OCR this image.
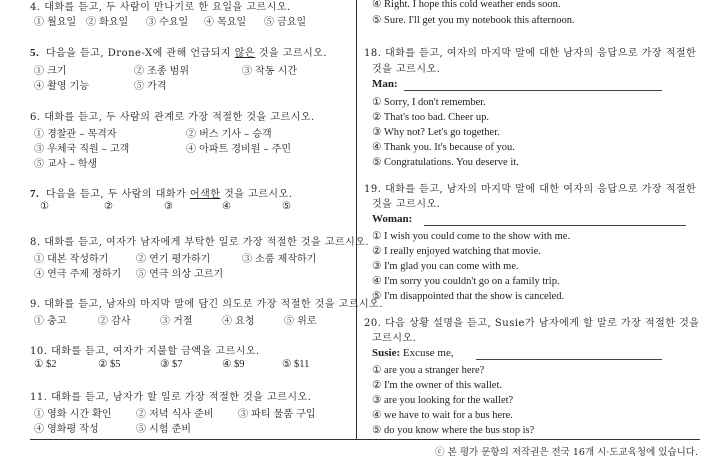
4. 대화를 듣고, 두 사람이 만나기로 한 요일을 고르시오.
① 월요일 ② 화요일 ③ 수요일 ④ 목요일 ⑤ 금요일
5. 다음을 듣고, Drone-X에 관해 언급되지 않은 것을 고르시오.
① 크기	② 조종 범위	③ 작동 시간
④ 촬영 기능	⑤ 가격
6. 대화를 듣고, 두 사람의 관계로 가장 적절한 것을 고르시오.
① 경찰관 – 목격자	② 버스 기사 – 승객
③ 우체국 직원 – 고객	④ 아파트 경비원 – 주민
⑤ 교사 – 학생
7. 다음을 듣고, 두 사람의 대화가 어색한 것을 고르시오.
①	②	③	④	⑤
8. 대화를 듣고, 여자가 남자에게 부탁한 일로 가장 적절한 것을 고르시오.
① 대본 작성하기	② 연기 평가하기	③ 소품 제작하기
④ 연극 주제 정하기 ⑤ 연극 의상 고르기
9. 대화를 듣고, 남자의 마지막 말에 담긴 의도로 가장 적절한 것을 고르시오.
① 충고	② 감사	③ 거절	④ 요청	⑤ 위로
10. 대화를 듣고, 여자가 지불할 금액을 고르시오.
① $2	② $5	③ $7	④ $9	⑤ $11
11. 대화를 듣고, 남자가 할 일로 가장 적절한 것을 고르시오.
① 영화 시간 확인 ② 저녁 식사 준비 ③ 파티 물품 구입
④ 영화평 작성	⑤ 시험 준비
④ Right. I hope this cold weather ends soon.
⑤ Sure. I'll get you my notebook this afternoon.
18. 대화를 듣고, 여자의 마지막 말에 대한 남자의 응답으로 가장 적절한
것을 고르시오.
Man:
① Sorry, I don't remember.
② That's too bad. Cheer up.
③ Why not? Let's go together.
④ Thank you. It's because of you.
⑤ Congratulations. You deserve it.
19. 대화를 듣고, 남자의 마지막 말에 대한 여자의 응답으로 가장 적절한
것을 고르시오.
Woman:
① I wish you could come to the show with me.
② I really enjoyed watching that movie.
③ I'm glad you can come with me.
④ I'm sorry you couldn't go on a family trip.
⑤ I'm disappointed that the show is canceled.
20. 다음 상황 설명을 듣고, Susie가 남자에게 할 말로 가장 적절한 것을
고르시오.
Susie: Excuse me,
① are you a stranger here?
② I'm the owner of this wallet.
③ are you looking for the wallet?
④ we have to wait for a bus here.
⑤ do you know where the bus stop is?
ⓒ 본 평가 문항의 저작권은 전국 16개 시·도교육청에 있습니다.
